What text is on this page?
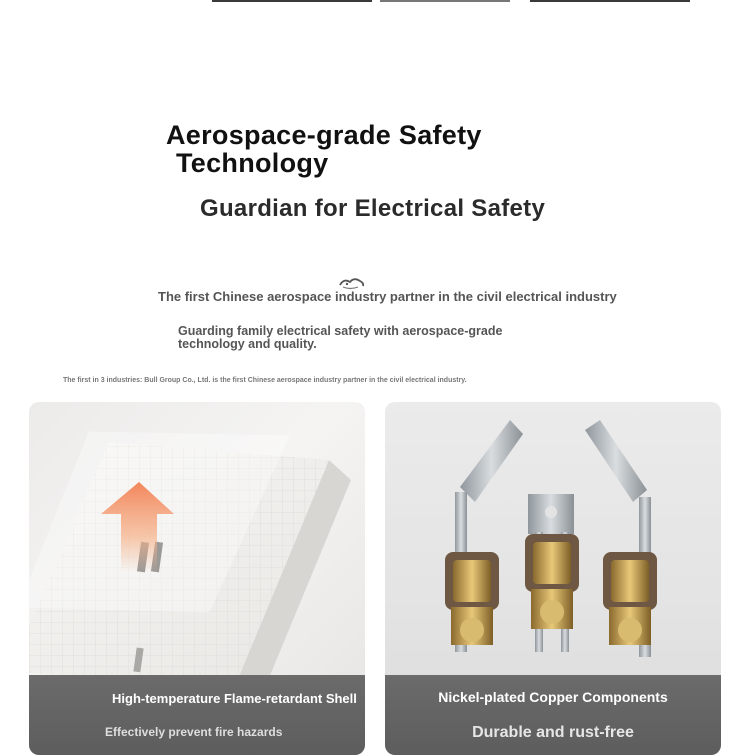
Aerospace-grade Safety
Technology
Guardian for Electrical Safety
The first Chinese aerospace industry partner in the civil electrical industry
Guarding family electrical safety with aerospace-grade technology and quality.
The first in 3 industries: Bull Group Co., Ltd. is the first Chinese aerospace industry partner in the civil electrical industry.
High-temperature Flame-retardant Shell
Effectively prevent fire hazards
Nickel-plated Copper Components
Durable and rust-free
